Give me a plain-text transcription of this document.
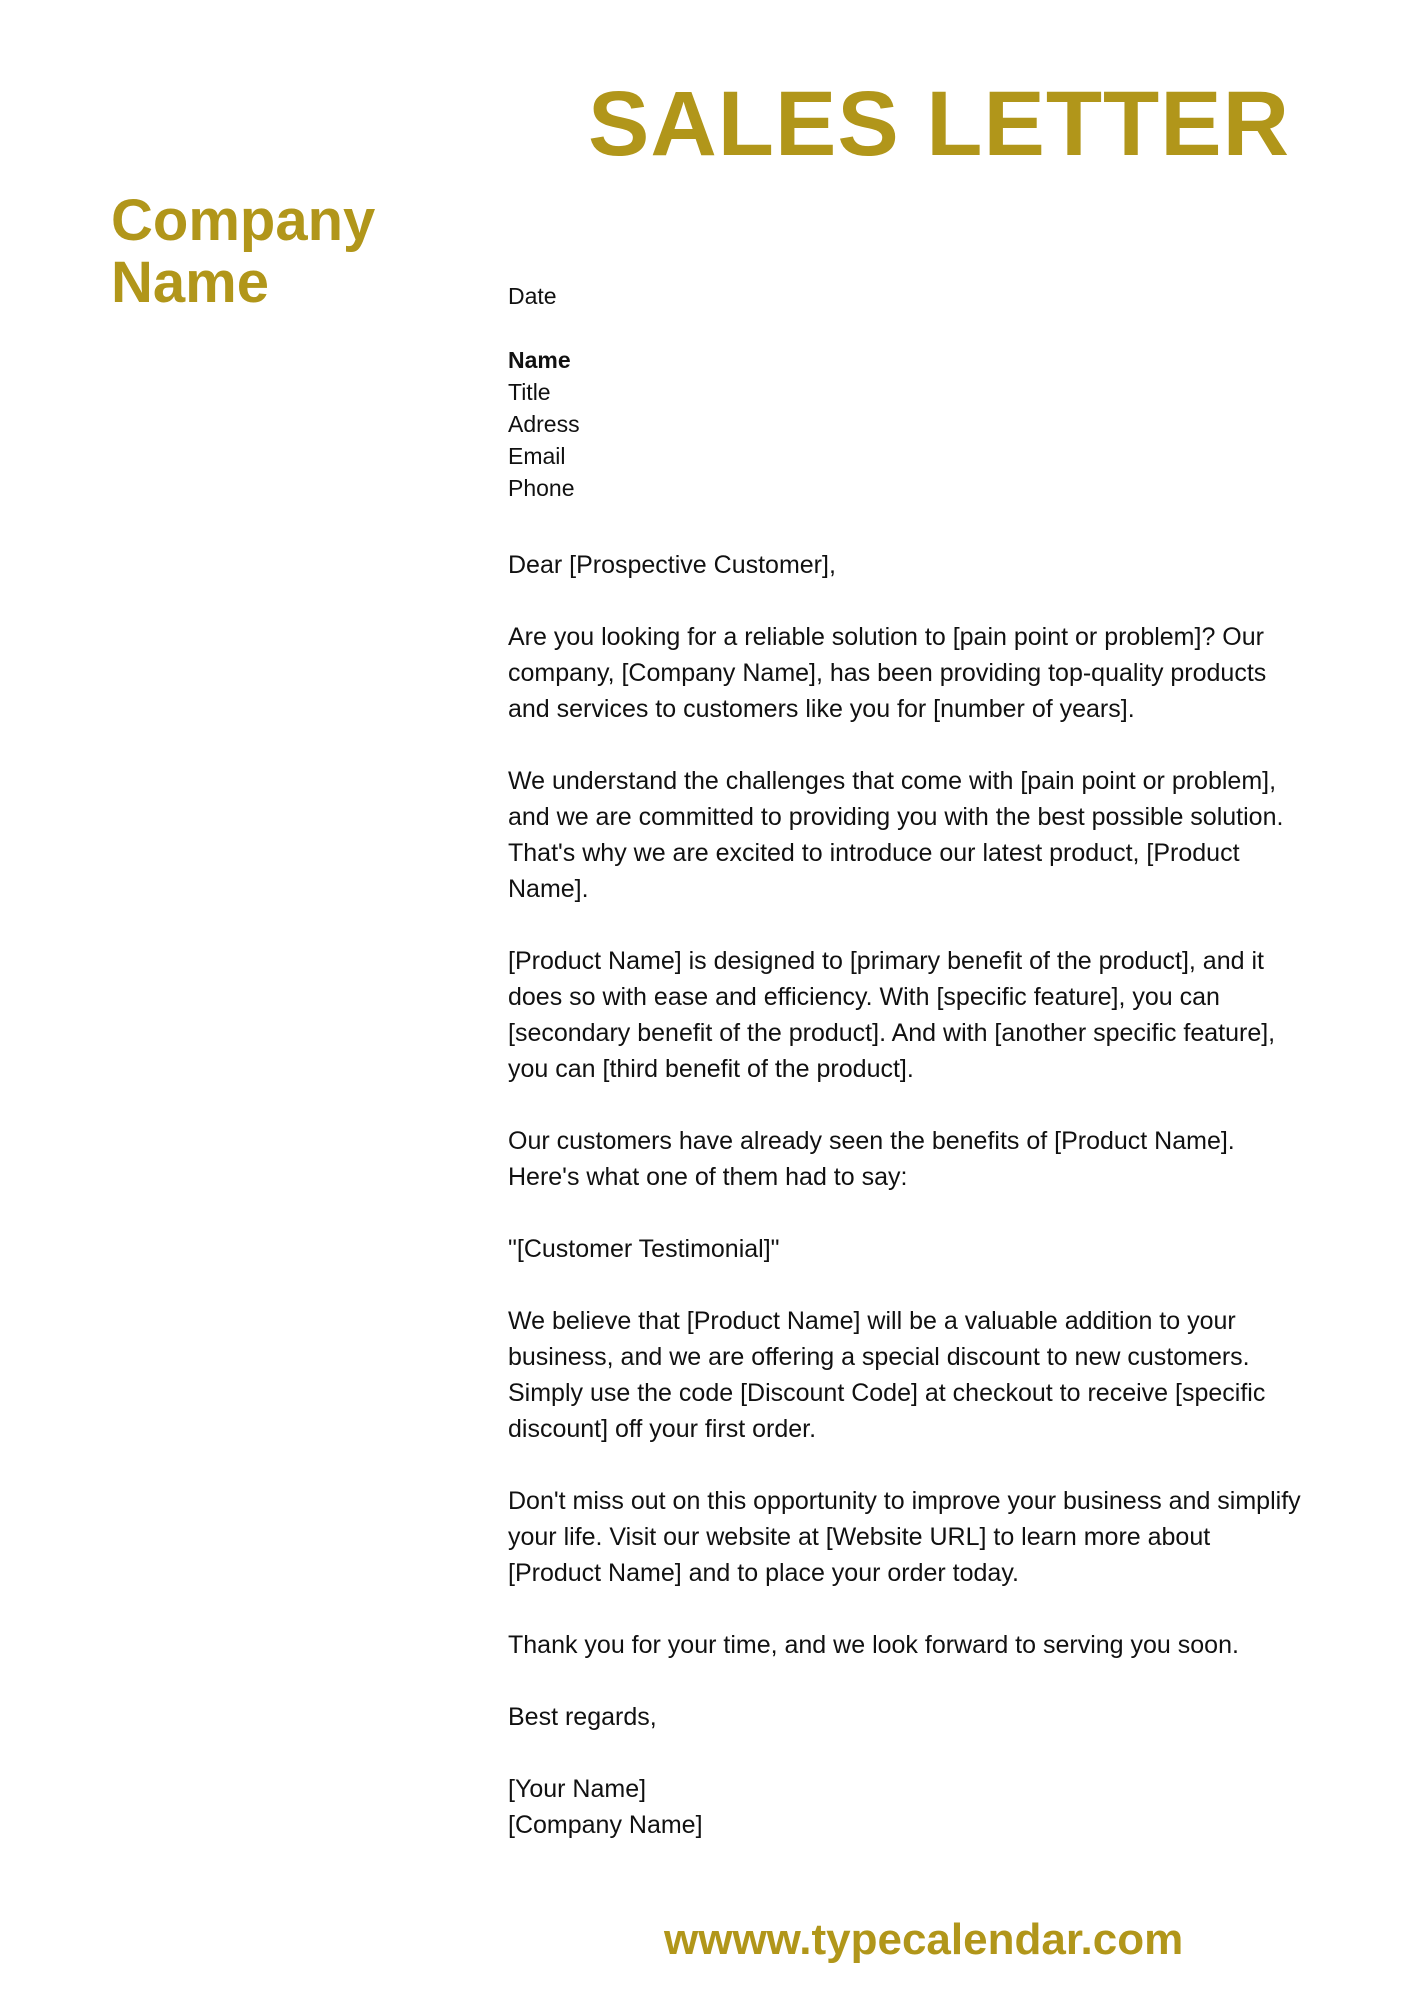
SALES LETTER
Company
Name	Date
Name
Title
Adress
Email
Phone

Dear [Prospective Customer],

Are you looking for a reliable solution to [pain point or problem]? Our company, [Company Name], has been providing top-quality products and services to customers like you for [number of years].

We understand the challenges that come with [pain point or problem], and we are committed to providing you with the best possible solution. That's why we are excited to introduce our latest product, [Product Name].

[Product Name] is designed to [primary benefit of the product], and it does so with ease and efficiency. With [specific feature], you can [secondary benefit of the product]. And with [another specific feature], you can [third benefit of the product].

Our customers have already seen the benefits of [Product Name]. Here's what one of them had to say:

"[Customer Testimonial]"

We believe that [Product Name] will be a valuable addition to your business, and we are offering a special discount to new customers. Simply use the code [Discount Code] at checkout to receive [specific discount] off your first order.

Don't miss out on this opportunity to improve your business and simplify your life. Visit our website at [Website URL] to learn more about [Product Name] and to place your order today.

Thank you for your time, and we look forward to serving you soon.

Best regards,

[Your Name]
[Company Name]
wwww.typecalendar.com
